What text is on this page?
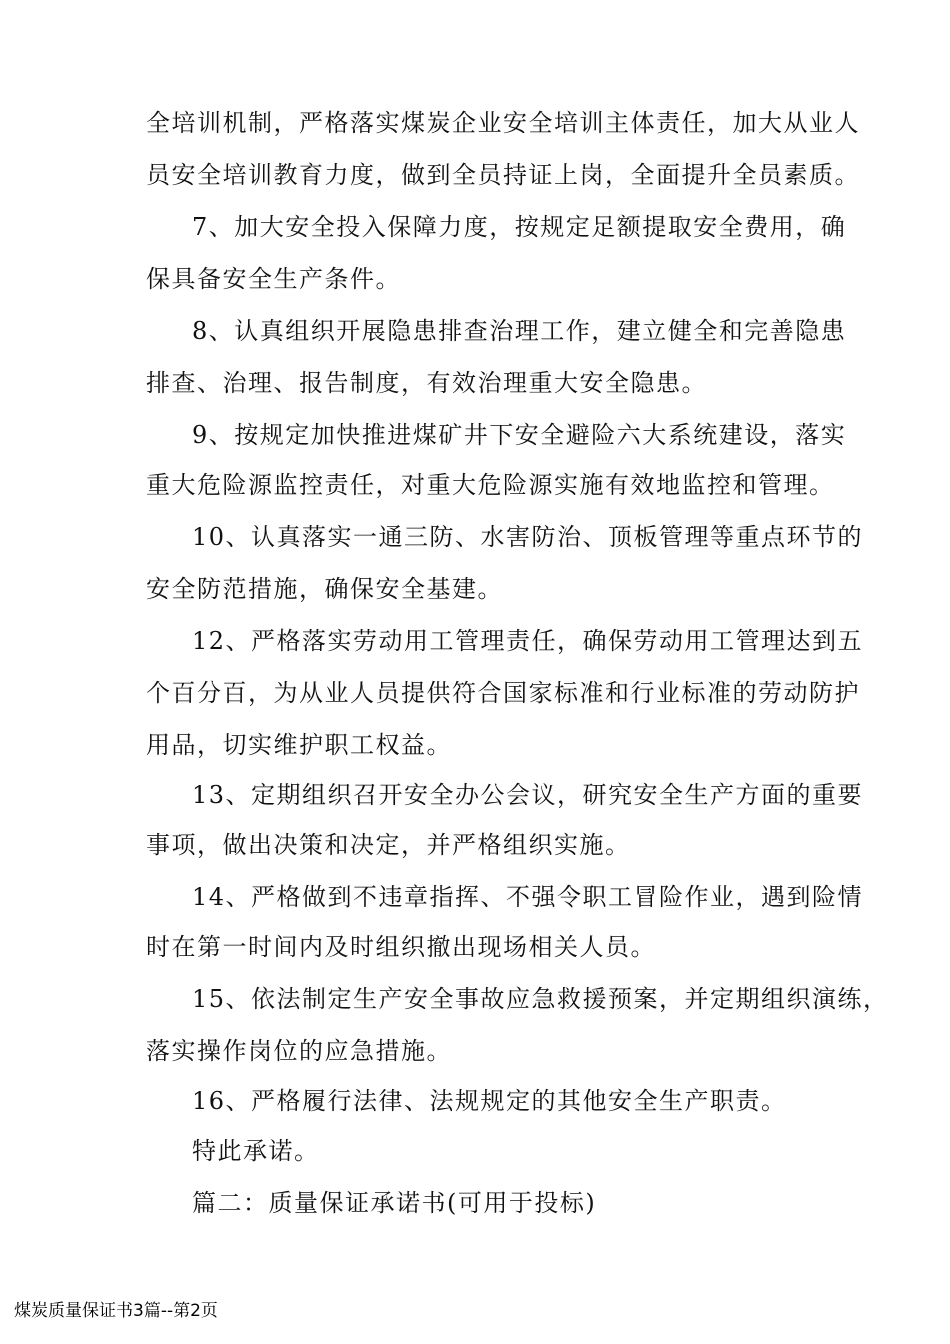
全培训机制，严格落实煤炭企业安全培训主体责任，加大从业人
员安全培训教育力度，做到全员持证上岗，全面提升全员素质。
7、加大安全投入保障力度，按规定足额提取安全费用，确
保具备安全生产条件。
8、认真组织开展隐患排查治理工作，建立健全和完善隐患
排查、治理、报告制度，有效治理重大安全隐患。
9、按规定加快推进煤矿井下安全避险六大系统建设，落实
重大危险源监控责任，对重大危险源实施有效地监控和管理。
10、认真落实一通三防、水害防治、顶板管理等重点环节的
安全防范措施，确保安全基建。
12、严格落实劳动用工管理责任，确保劳动用工管理达到五
个百分百，为从业人员提供符合国家标准和行业标准的劳动防护
用品，切实维护职工权益。
13、定期组织召开安全办公会议，研究安全生产方面的重要
事项，做出决策和决定，并严格组织实施。
14、严格做到不违章指挥、不强令职工冒险作业，遇到险情
时在第一时间内及时组织撤出现场相关人员。
15、依法制定生产安全事故应急救援预案，并定期组织演练，
落实操作岗位的应急措施。
16、严格履行法律、法规规定的其他安全生产职责。
特此承诺。
篇二：质量保证承诺书(可用于投标)
煤炭质量保证书3篇--第2页
